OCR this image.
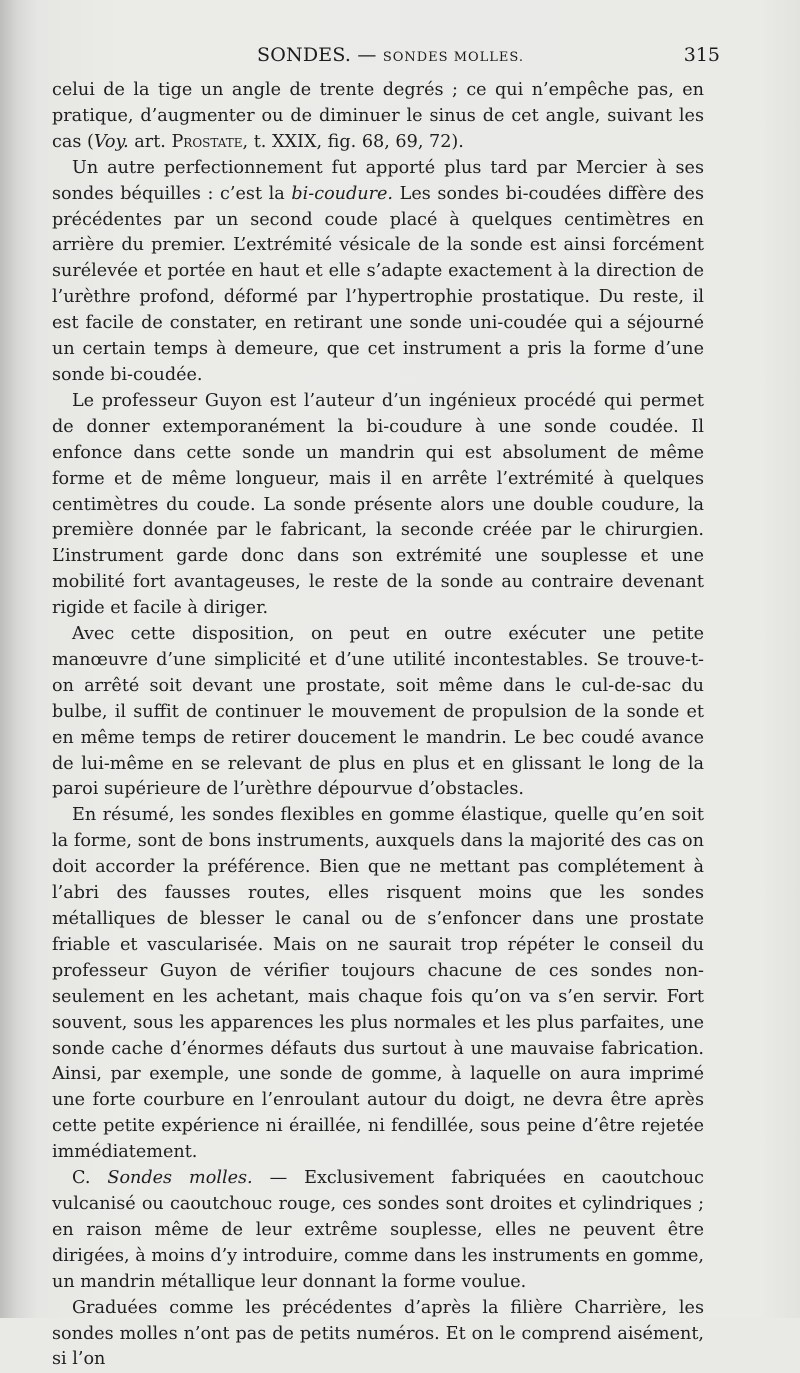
SONDES. — SONDES MOLLES.	315

celui de la tige un angle de trente degrés ; ce qui n’empêche pas, en pratique, d’augmenter ou de diminuer le sinus de cet angle, suivant les cas (Voy. art. Prostate, t. XXIX, fig. 68, 69, 72).

Un autre perfectionnement fut apporté plus tard par Mercier à ses sondes béquilles : c’est la bi-coudure. Les sondes bi-coudées diffère des précédentes par un second coude placé à quelques centimètres en arrière du premier. L’extrémité vésicale de la sonde est ainsi forcément surélevée et portée en haut et elle s’adapte exactement à la direction de l’urèthre profond, déformé par l’hypertrophie prostatique. Du reste, il est facile de constater, en retirant une sonde uni-coudée qui a séjourné un certain temps à demeure, que cet instrument a pris la forme d’une sonde bi-coudée.

Le professeur Guyon est l’auteur d’un ingénieux procédé qui permet de donner extemporanément la bi-coudure à une sonde coudée. Il enfonce dans cette sonde un mandrin qui est absolument de même forme et de même longueur, mais il en arrête l’extrémité à quelques centimètres du coude. La sonde présente alors une double coudure, la première donnée par le fabricant, la seconde créée par le chirurgien. L’instrument garde donc dans son extrémité une souplesse et une mobilité fort avantageuses, le reste de la sonde au contraire devenant rigide et facile à diriger.

Avec cette disposition, on peut en outre exécuter une petite manœuvre d’une simplicité et d’une utilité incontestables. Se trouve-t-on arrêté soit devant une prostate, soit même dans le cul-de-sac du bulbe, il suffit de continuer le mouvement de propulsion de la sonde et en même temps de retirer doucement le mandrin. Le bec coudé avance de lui-même en se relevant de plus en plus et en glissant le long de la paroi supérieure de l’urèthre dépourvue d’obstacles.

En résumé, les sondes flexibles en gomme élastique, quelle qu’en soit la forme, sont de bons instruments, auxquels dans la majorité des cas on doit accorder la préférence. Bien que ne mettant pas complétement à l’abri des fausses routes, elles risquent moins que les sondes métalliques de blesser le canal ou de s’enfoncer dans une prostate friable et vascularisée. Mais on ne saurait trop répéter le conseil du professeur Guyon de vérifier toujours chacune de ces sondes non-seulement en les achetant, mais chaque fois qu’on va s’en servir. Fort souvent, sous les apparences les plus normales et les plus parfaites, une sonde cache d’énormes défauts dus surtout à une mauvaise fabrication. Ainsi, par exemple, une sonde de gomme, à laquelle on aura imprimé une forte courbure en l’enroulant autour du doigt, ne devra être après cette petite expérience ni éraillée, ni fendillée, sous peine d’être rejetée immédiatement.

C. Sondes molles. — Exclusivement fabriquées en caoutchouc vulcanisé ou caoutchouc rouge, ces sondes sont droites et cylindriques ; en raison même de leur extrême souplesse, elles ne peuvent être dirigées, à moins d’y introduire, comme dans les instruments en gomme, un mandrin métallique leur donnant la forme voulue.

Graduées comme les précédentes d’après la filière Charrière, les sondes molles n’ont pas de petits numéros. Et on le comprend aisément, si l’on
